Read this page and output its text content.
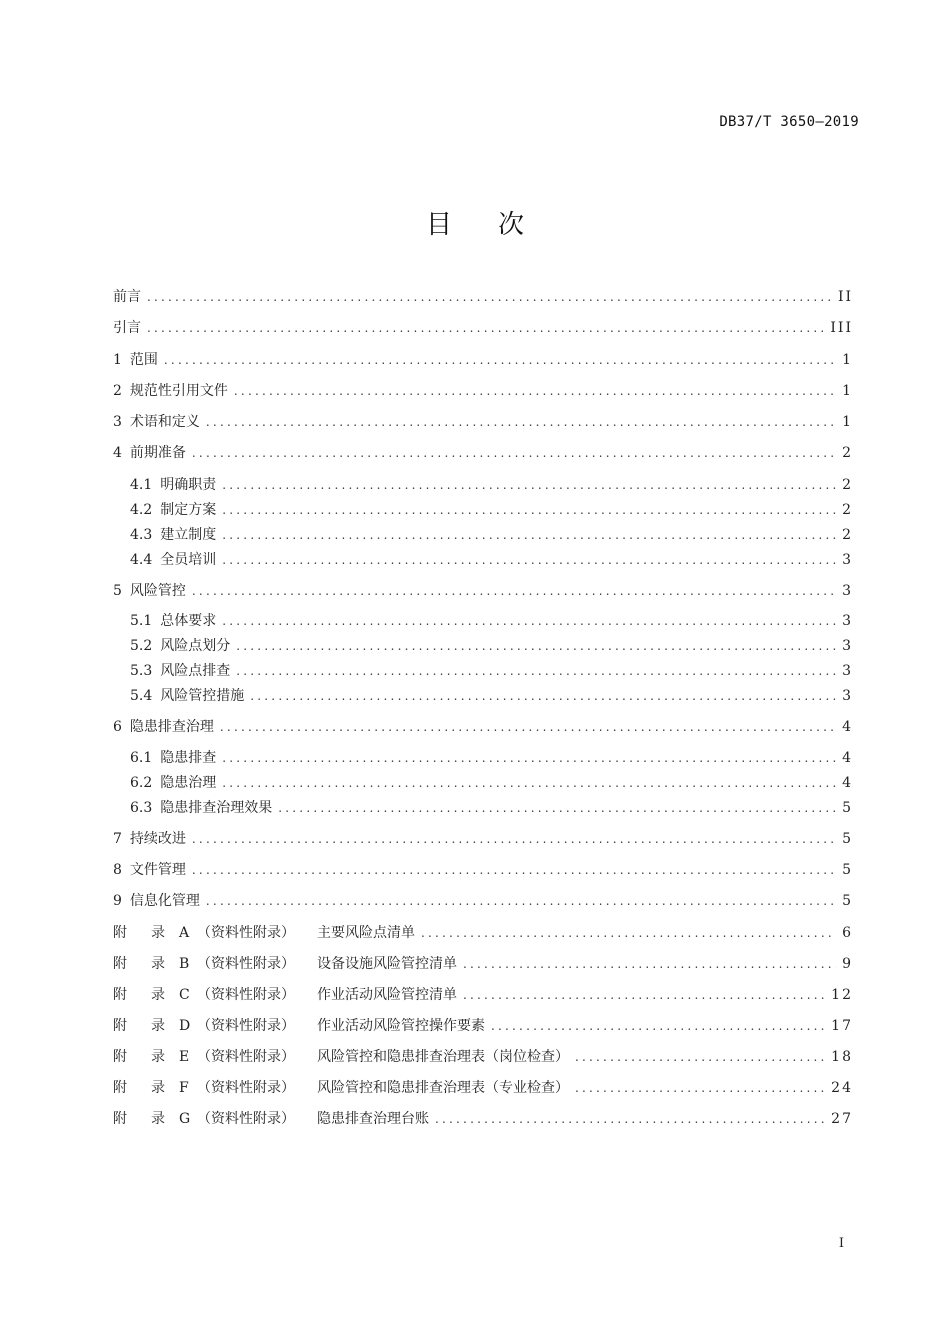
DB37/T 3650—2019
目 次
前言 .....	II
引言 .....	III
1 范围 .....	1
2 规范性引用文件 .....	1
3 术语和定义 .....	1
4 前期准备 .....	2
4.1 明确职责 .....	2
4.2 制定方案 .....	2
4.3 建立制度 .....	2
4.4 全员培训 .....	3
5 风险管控 .....	3
5.1 总体要求 .....	3
5.2 风险点划分 .....	3
5.3 风险点排查 .....	3
5.4 风险管控措施 .....	3
6 隐患排查治理 .....	4
6.1 隐患排查 .....	4
6.2 隐患治理 .....	4
6.3 隐患排查治理效果 .....	5
7 持续改进 .....	5
8 文件管理 .....	5
9 信息化管理 .....	5
附 录 A （资料性附录） 主要风险点清单 .....	6
附 录 B （资料性附录） 设备设施风险管控清单 .....	9
附 录 C （资料性附录） 作业活动风险管控清单 .....	12
附 录 D （资料性附录） 作业活动风险管控操作要素 .....	17
附 录 E （资料性附录） 风险管控和隐患排查治理表（岗位检查） .....	18
附 录 F （资料性附录） 风险管控和隐患排查治理表（专业检查） .....	24
附 录 G （资料性附录） 隐患排查治理台账 .....	27
I
